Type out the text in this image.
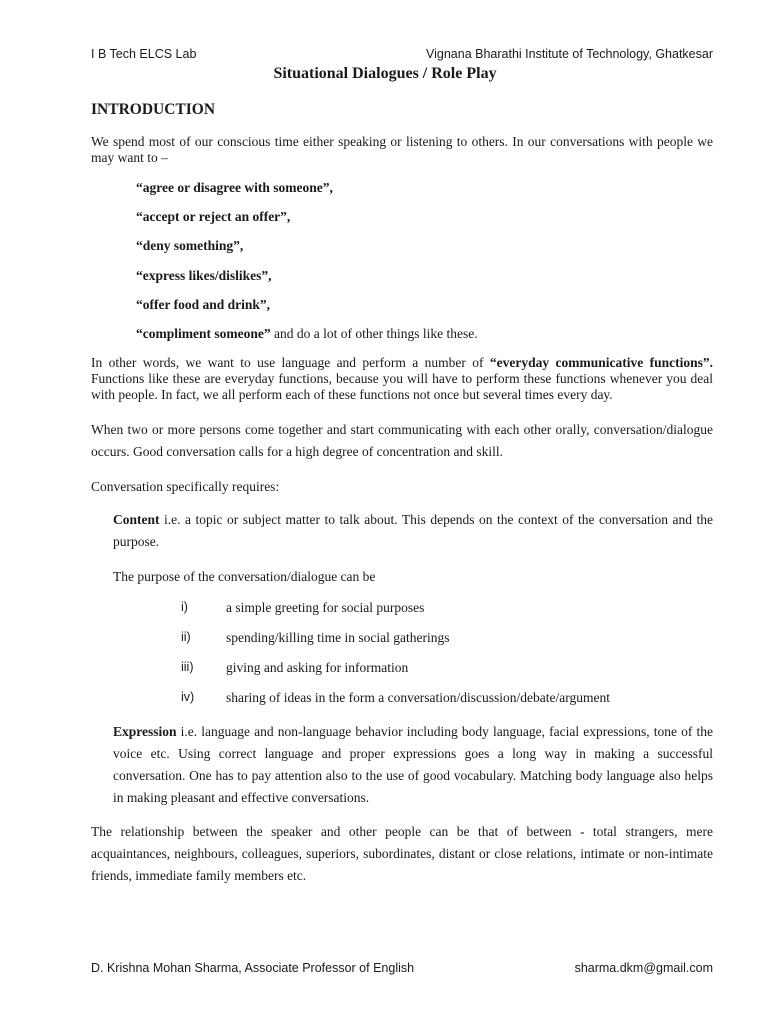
I B Tech ELCS Lab	Vignana Bharathi Institute of Technology, Ghatkesar
Situational Dialogues / Role Play
INTRODUCTION
We spend most of our conscious time either speaking or listening to others. In our conversations with people we may want to –
“agree or disagree with someone”,
“accept or reject an offer”,
“deny something”,
“express likes/dislikes”,
“offer food and drink”,
“compliment someone” and do a lot of other things like these.
In other words, we want to use language and perform a number of “everyday communicative functions”. Functions like these are everyday functions, because you will have to perform these functions whenever you deal with people. In fact, we all perform each of these functions not once but several times every day.
When two or more persons come together and start communicating with each other orally, conversation/dialogue occurs. Good conversation calls for a high degree of concentration and skill.
Conversation specifically requires:
Content i.e. a topic or subject matter to talk about. This depends on the context of the conversation and the purpose.
The purpose of the conversation/dialogue can be
i)	a simple greeting for social purposes
ii)	spending/killing time in social gatherings
iii) giving and asking for information
iv) sharing of ideas in the form a conversation/discussion/debate/argument
Expression i.e. language and non-language behavior including body language, facial expressions, tone of the voice etc. Using correct language and proper expressions goes a long way in making a successful conversation. One has to pay attention also to the use of good vocabulary. Matching body language also helps in making pleasant and effective conversations.
The relationship between the speaker and other people can be that of between - total strangers, mere acquaintances, neighbours, colleagues, superiors, subordinates, distant or close relations, intimate or non-intimate friends, immediate family members etc.
D. Krishna Mohan Sharma, Associate Professor of English	sharma.dkm@gmail.com
